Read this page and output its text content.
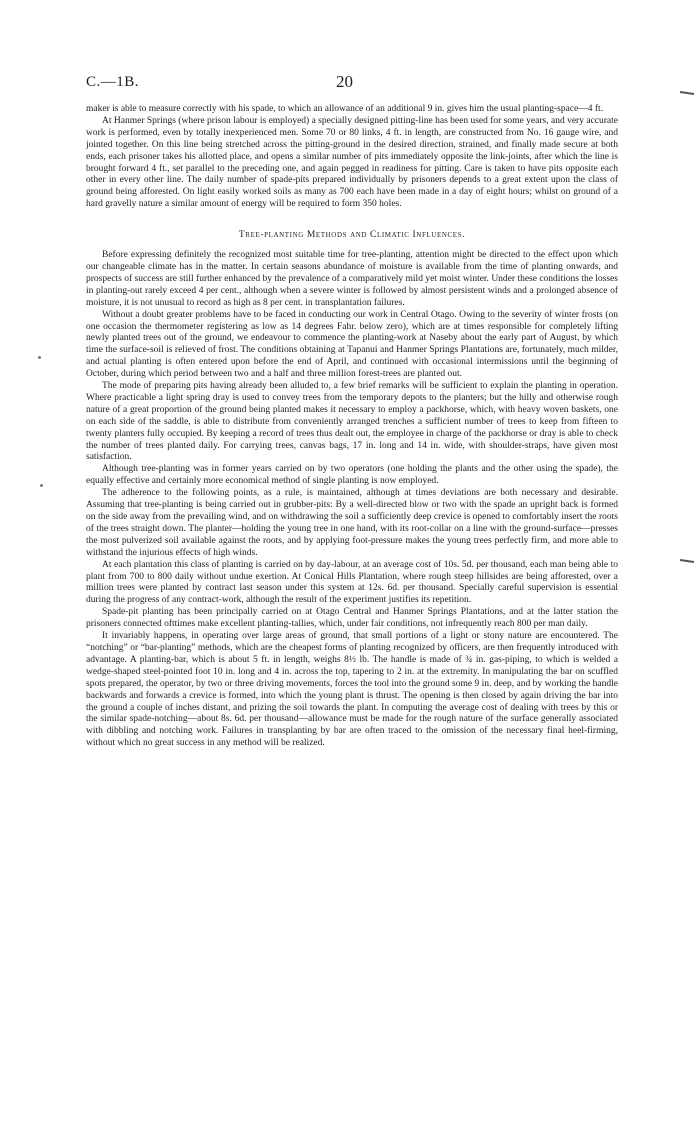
C.—1B.	20

maker is able to measure correctly with his spade, to which an allowance of an additional 9 in. gives him the usual planting-space—4 ft.

At Hanmer Springs (where prison labour is employed) a specially designed pitting-line has been used for some years, and very accurate work is performed, even by totally inexperienced men. Some 70 or 80 links, 4 ft. in length, are constructed from No. 16 gauge wire, and jointed together. On this line being stretched across the pitting-ground in the desired direction, strained, and finally made secure at both ends, each prisoner takes his allotted place, and opens a similar number of pits immediately opposite the link-joints, after which the line is brought forward 4 ft., set parallel to the preceding one, and again pegged in readiness for pitting. Care is taken to have pits opposite each other in every other line. The daily number of spade-pits prepared individually by prisoners depends to a great extent upon the class of ground being afforested. On light easily worked soils as many as 700 each have been made in a day of eight hours; whilst on ground of a hard gravelly nature a similar amount of energy will be required to form 350 holes.

Tree-planting Methods and Climatic Influences.

Before expressing definitely the recognized most suitable time for tree-planting, attention might be directed to the effect upon which our changeable climate has in the matter. In certain seasons abundance of moisture is available from the time of planting onwards, and prospects of success are still further enhanced by the prevalence of a comparatively mild yet moist winter. Under these conditions the losses in planting-out rarely exceed 4 per cent., although when a severe winter is followed by almost persistent winds and a prolonged absence of moisture, it is not unusual to record as high as 8 per cent. in transplantation failures.

Without a doubt greater problems have to be faced in conducting our work in Central Otago. Owing to the severity of winter frosts (on one occasion the thermometer registering as low as 14 degrees Fahr. below zero), which are at times responsible for completely lifting newly planted trees out of the ground, we endeavour to commence the planting-work at Naseby about the early part of August, by which time the surface-soil is relieved of frost. The conditions obtaining at Tapanui and Hanmer Springs Plantations are, fortunately, much milder, and actual planting is often entered upon before the end of April, and continued with occasional intermissions until the beginning of October, during which period between two and a half and three million forest-trees are planted out.

The mode of preparing pits having already been alluded to, a few brief remarks will be sufficient to explain the planting in operation. Where practicable a light spring dray is used to convey trees from the temporary depots to the planters; but the hilly and otherwise rough nature of a great proportion of the ground being planted makes it necessary to employ a packhorse, which, with heavy woven baskets, one on each side of the saddle, is able to distribute from conveniently arranged trenches a sufficient number of trees to keep from fifteen to twenty planters fully occupied. By keeping a record of trees thus dealt out, the employee in charge of the packhorse or dray is able to check the number of trees planted daily. For carrying trees, canvas bags, 17 in. long and 14 in. wide, with shoulder-straps, have given most satisfaction.

Although tree-planting was in former years carried on by two operators (one holding the plants and the other using the spade), the equally effective and certainly more economical method of single planting is now employed.

The adherence to the following points, as a rule, is maintained, although at times deviations are both necessary and desirable. Assuming that tree-planting is being carried out in grubber-pits: By a well-directed blow or two with the spade an upright back is formed on the side away from the prevailing wind, and on withdrawing the soil a sufficiently deep crevice is opened to comfortably insert the roots of the trees straight down. The planter—holding the young tree in one hand, with its root-collar on a line with the ground-surface—presses the most pulverized soil available against the roots, and by applying foot-pressure makes the young trees perfectly firm, and more able to withstand the injurious effects of high winds.

At each plantation this class of planting is carried on by day-labour, at an average cost of 10s. 5d. per thousand, each man being able to plant from 700 to 800 daily without undue exertion. At Conical Hills Plantation, where rough steep hillsides are being afforested, over a million trees were planted by contract last season under this system at 12s. 6d. per thousand. Specially careful supervision is essential during the progress of any contract-work, although the result of the experiment justifies its repetition.

Spade-pit planting has been principally carried on at Otago Central and Hanmer Springs Plantations, and at the latter station the prisoners connected ofttimes make excellent planting-tallies, which, under fair conditions, not infrequently reach 800 per man daily.

It invariably happens, in operating over large areas of ground, that small portions of a light or stony nature are encountered. The “notching” or “bar-planting” methods, which are the cheapest forms of planting recognized by officers, are then frequently introduced with advantage. A planting-bar, which is about 5 ft. in length, weighs 8½ lb. The handle is made of ¾ in. gas-piping, to which is welded a wedge-shaped steel-pointed foot 10 in. long and 4 in. across the top, tapering to 2 in. at the extremity. In manipulating the bar on scuffled spots prepared, the operator, by two or three driving movements, forces the tool into the ground some 9 in. deep, and by working the handle backwards and forwards a crevice is formed, into which the young plant is thrust. The opening is then closed by again driving the bar into the ground a couple of inches distant, and prizing the soil towards the plant. In computing the average cost of dealing with trees by this or the similar spade-notching—about 8s. 6d. per thousand—allowance must be made for the rough nature of the surface generally associated with dibbling and notching work. Failures in transplanting by bar are often traced to the omission of the necessary final heel-firming, without which no great success in any method will be realized.
